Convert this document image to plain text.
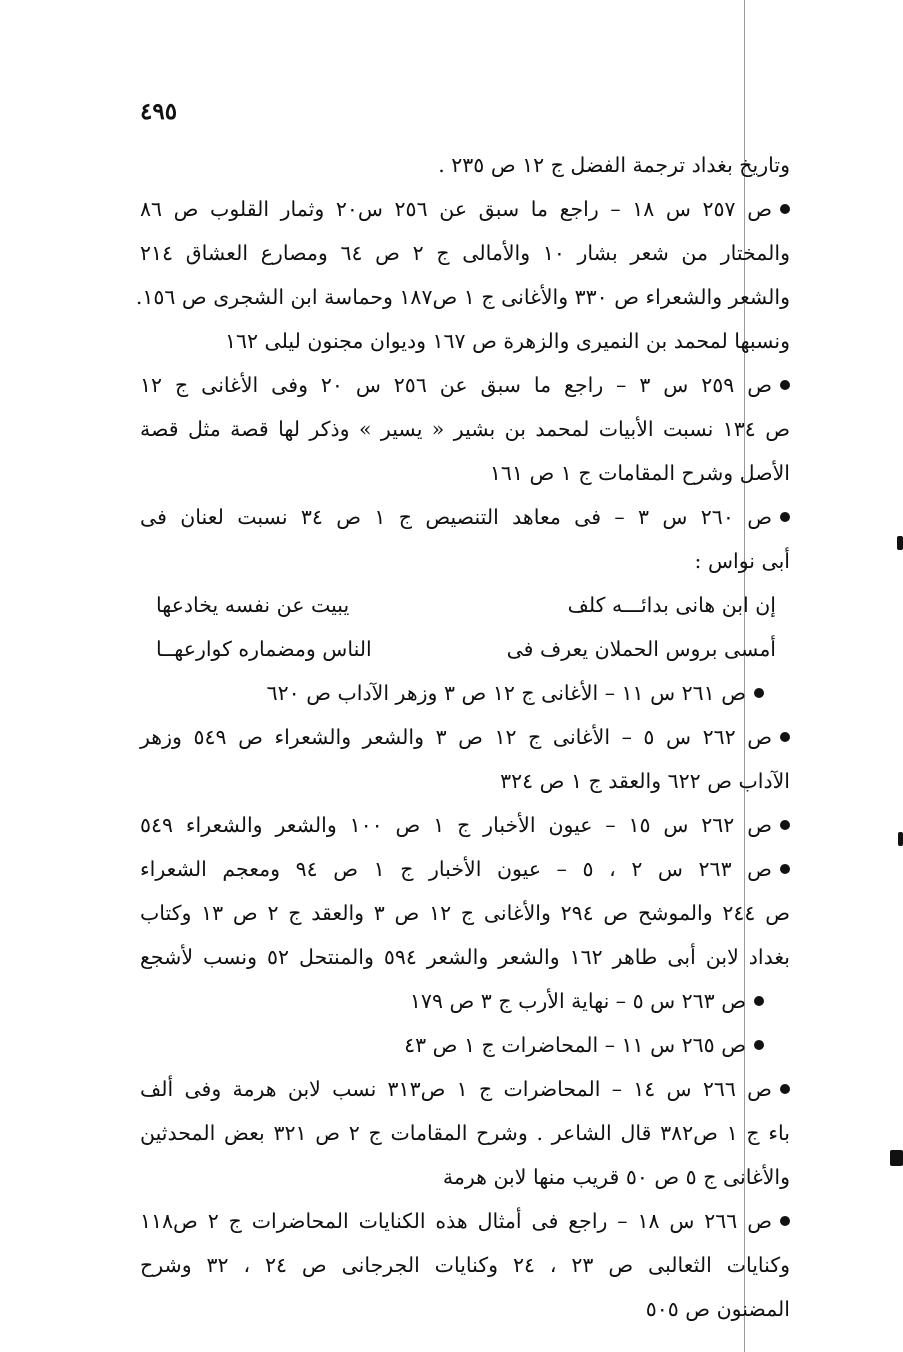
٤٩٥
وتاريخ بغداد ترجمة الفضل ج ١٢ ص ٢٣٥ .
ص ٢٥٧ س ١٨ – راجع ما سبق عن ٢٥٦ س٢٠ وثمار القلوب ص ٨٦
والمختار من شعر بشار ١٠ والأمالى ج ٢ ص ٦٤ ومصارع العشاق ٢١٤
والشعر والشعراء ص ٣٣٠ والأغانى ج ١ ص١٨٧ وحماسة ابن الشجرى ص ١٥٦.
ونسبها لمحمد بن النميرى والزهرة ص ١٦٧ وديوان مجنون ليلى ١٦٢
ص ٢٥٩ س ٣ – راجع ما سبق عن ٢٥٦ س ٢٠ وفى الأغانى ج ١٢
ص ١٣٤ نسبت الأبيات لمحمد بن بشير « يسير » وذكر لها قصة مثل قصة
الأصل وشرح المقامات ج ١ ص ١٦١
ص ٢٦٠ س ٣ – فى معاهد التنصيص ج ١ ص ٣٤ نسبت لعنان فى
أبى نواس :
إن ابن هانى بدائـــه كلف
يبيت عن نفسه يخادعها
أمسى بروس الحملان يعرف فى
الناس ومضماره كوارعهــا
ص ٢٦١ س ١١ – الأغانى ج ١٢ ص ٣ وزهر الآداب ص ٦٢٠
ص ٢٦٢ س ٥ – الأغانى ج ١٢ ص ٣ والشعر والشعراء ص ٥٤٩ وزهر
الآداب ص ٦٢٢ والعقد ج ١ ص ٣٢٤
ص ٢٦٢ س ١٥ – عيون الأخبار ج ١ ص ١٠٠ والشعر والشعراء ٥٤٩
ص ٢٦٣ س ٢ ، ٥ – عيون الأخبار ج ١ ص ٩٤ ومعجم الشعراء
ص ٢٤٤ والموشح ص ٢٩٤ والأغانى ج ١٢ ص ٣ والعقد ج ٢ ص ١٣ وكتاب
بغداد لابن أبى طاهر ١٦٢ والشعر والشعر ٥٩٤ والمنتحل ٥٢ ونسب لأشجع
ص ٢٦٣ س ٥ – نهاية الأرب ج ٣ ص ١٧٩
ص ٢٦٥ س ١١ – المحاضرات ج ١ ص ٤٣
ص ٢٦٦ س ١٤ – المحاضرات ج ١ ص٣١٣ نسب لابن هرمة وفى ألف
باء ج ١ ص٣٨٢ قال الشاعر . وشرح المقامات ج ٢ ص ٣٢١ بعض المحدثين
والأغانى ج ٥ ص ٥٠ قريب منها لابن هرمة
ص ٢٦٦ س ١٨ – راجع فى أمثال هذه الكنايات المحاضرات ج ٢ ص١١٨
وكنايات الثعالبى ص ٢٣ ، ٢٤ وكنايات الجرجانى ص ٢٤ ، ٣٢ وشرح
المضنون ص ٥٠٥
